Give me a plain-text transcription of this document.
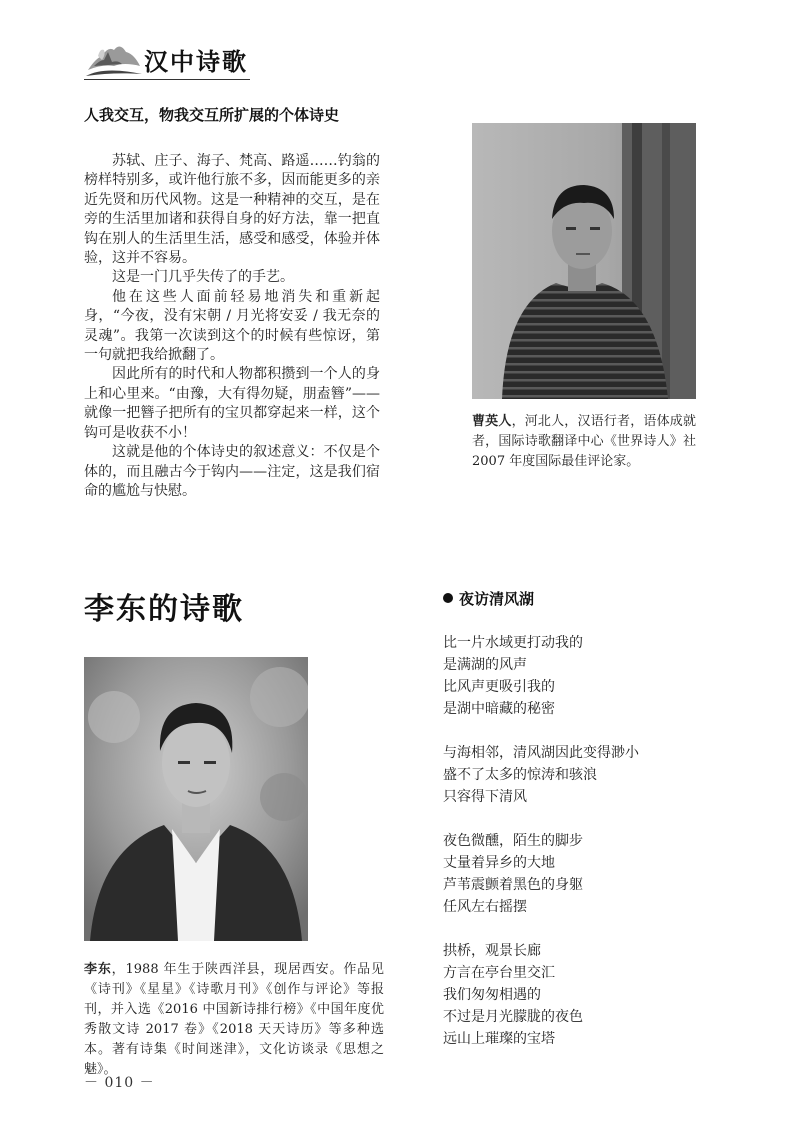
汉中诗歌
人我交互，物我交互所扩展的个体诗史

苏轼、庄子、海子、梵高、路遥……钓翁的榜样特别多，或许他行旅不多，因而能更多的亲近先贤和历代风物。这是一种精神的交互，是在旁的生活里加诸和获得自身的好方法，靠一把直钩在别人的生活里生活，感受和感受，体验并体验，这并不容易。

这是一门几乎失传了的手艺。

他在这些人面前轻易地消失和重新起身，“今夜，没有宋朝 / 月光将安妥 / 我无奈的灵魂”。我第一次读到这个的时候有些惊讶，第一句就把我给掀翻了。

因此所有的时代和人物都积攒到一个人的身上和心里来。“由豫，大有得勿疑，朋盍簪”——就像一把簪子把所有的宝贝都穿起来一样，这个钩可是收获不小！

这就是他的个体诗史的叙述意义：不仅是个体的，而且融古今于钩内——注定，这是我们宿命的尴尬与快慰。

曹英人，河北人，汉语行者，语体成就者，国际诗歌翻译中心《世界诗人》社 2007 年度国际最佳评论家。
李东的诗歌
李东，1988 年生于陕西洋县，现居西安。作品见《诗刊》《星星》《诗歌月刊》《创作与评论》等报刊，并入选《2016 中国新诗排行榜》《中国年度优秀散文诗 2017 卷》《2018 天天诗历》等多种选本。著有诗集《时间迷津》，文化访谈录《思想之魅》。
夜访清风湖
比一片水域更打动我的
是满湖的风声
比风声更吸引我的
是湖中暗藏的秘密
与海相邻，清风湖因此变得渺小
盛不了太多的惊涛和骇浪
只容得下清风
夜色微醺，陌生的脚步
丈量着异乡的大地
芦苇震颤着黑色的身躯
任风左右摇摆
拱桥，观景长廊
方言在亭台里交汇
我们匆匆相遇的
不过是月光朦胧的夜色
远山上璀璨的宝塔
－ 010 －
